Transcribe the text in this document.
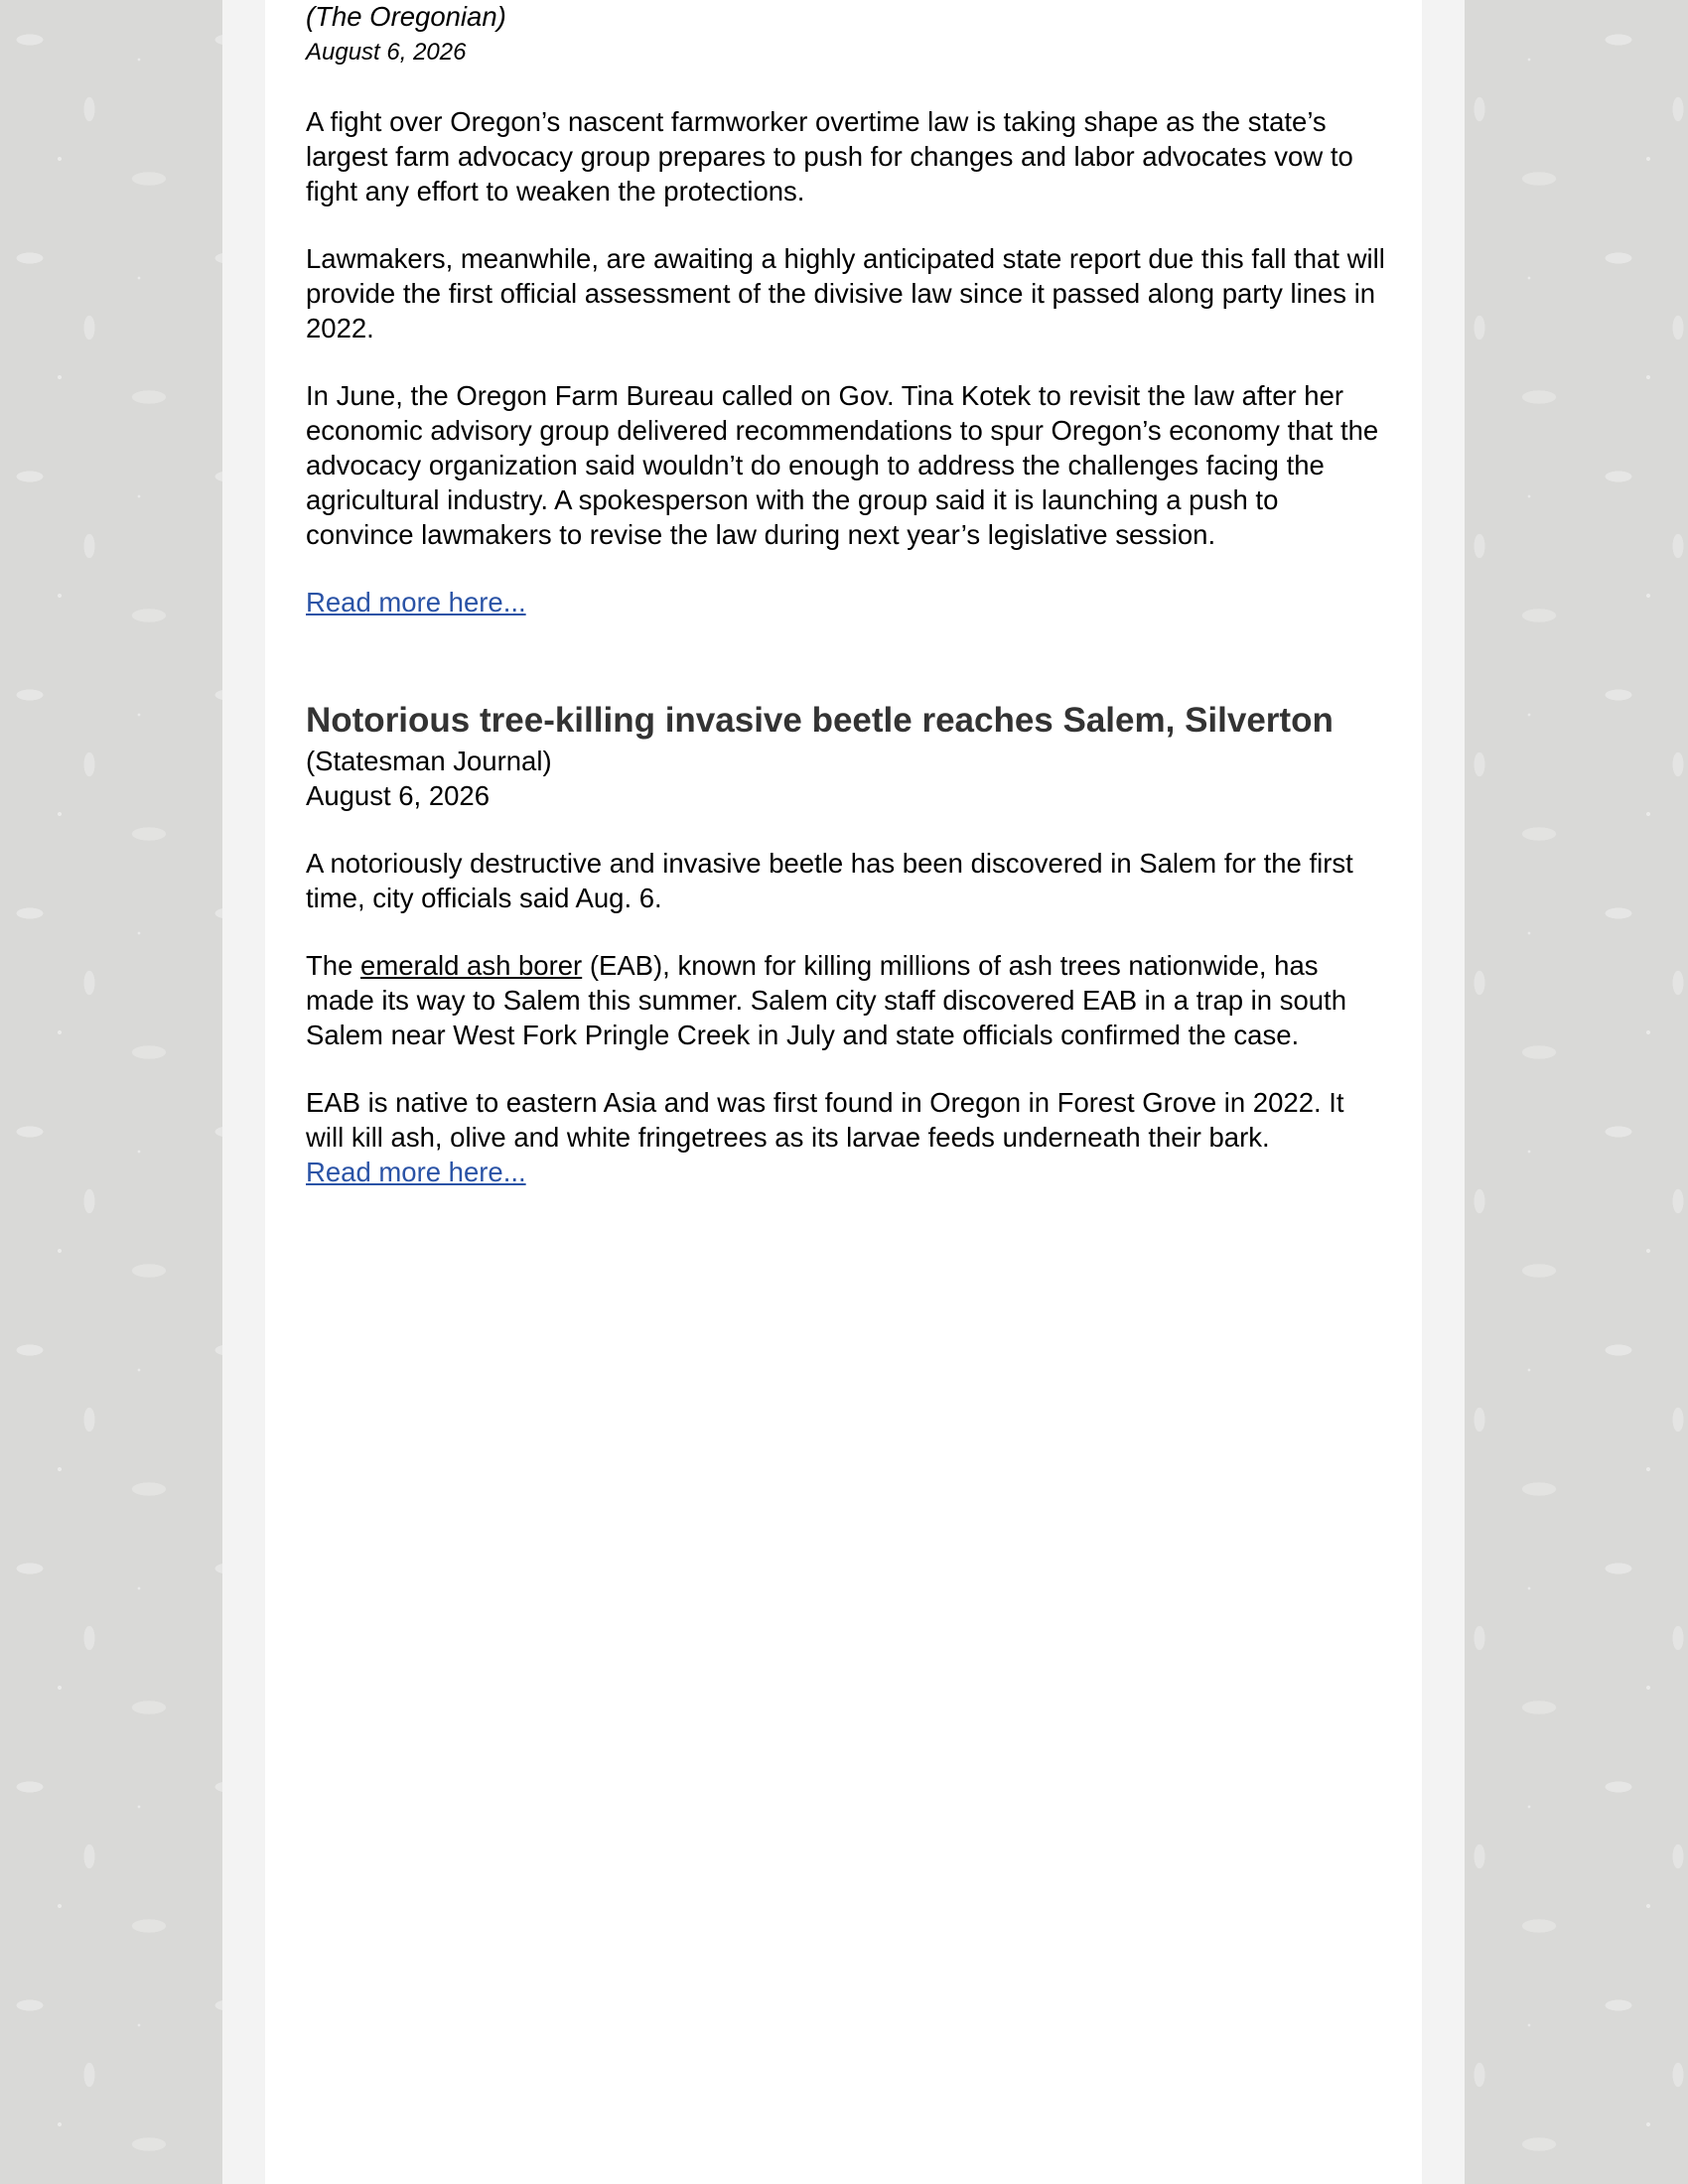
(The Oregonian)

August 6, 2026

A fight over Oregon’s nascent farmworker overtime law is taking shape as the state’s largest farm advocacy group prepares to push for changes and labor advocates vow to fight any effort to weaken the protections.

Lawmakers, meanwhile, are awaiting a highly anticipated state report due this fall that will provide the first official assessment of the divisive law since it passed along party lines in 2022.

In June, the Oregon Farm Bureau called on Gov. Tina Kotek to revisit the law after her economic advisory group delivered recommendations to spur Oregon’s economy that the advocacy organization said wouldn’t do enough to address the challenges facing the agricultural industry. A spokesperson with the group said it is launching a push to convince lawmakers to revise the law during next year’s legislative session.

Read more here...
Notorious tree-killing invasive beetle reaches Salem, Silverton

(Statesman Journal)

August 6, 2026

A notoriously destructive and invasive beetle has been discovered in Salem for the first time, city officials said Aug. 6.

The emerald ash borer (EAB), known for killing millions of ash trees nationwide, has made its way to Salem this summer. Salem city staff discovered EAB in a trap in south Salem near West Fork Pringle Creek in July and state officials confirmed the case.

EAB is native to eastern Asia and was first found in Oregon in Forest Grove in 2022. It will kill ash, olive and white fringetrees as its larvae feeds underneath their bark.

Read more here...
